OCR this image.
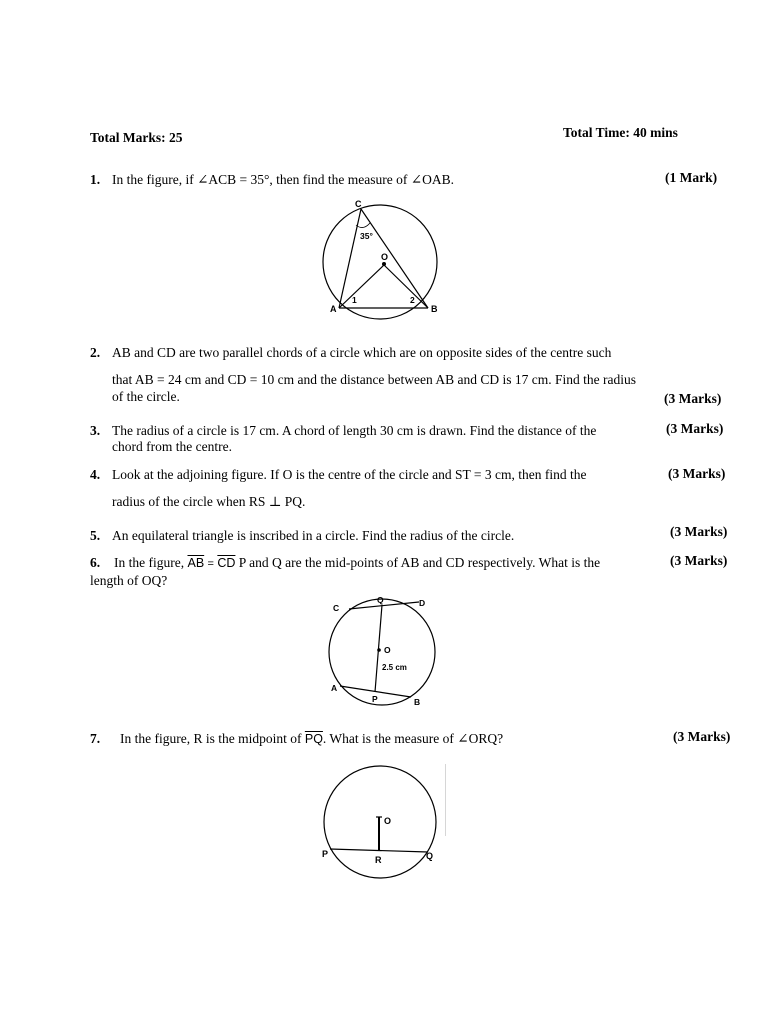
Total Marks: 25	Total Time: 40 mins
1. In the figure, if ∠ACB = 35°, then find the measure of ∠OAB.	(1 Mark)
C
35°
O
A	B
1	2
2. AB and CD are two parallel chords of a circle which are on opposite sides of the centre such
that AB = 24 cm and CD = 10 cm and the distance between AB and CD is 17 cm. Find the radius
of the circle.	(3 Marks)
3. The radius of a circle is 17 cm. A chord of length 30 cm is drawn. Find the distance of the
chord from the centre.
(3 Marks)
4. Look at the adjoining figure. If O is the centre of the circle and ST = 3 cm, then find the
radius of the circle when RS ⊥ PQ.
(3 Marks)
5. An equilateral triangle is inscribed in a circle. Find the radius of the circle.	(3 Marks)
6. In the figure, $\overline{AB} = \overline{CD}$ P and Q are the mid-points of AB and CD respectively. What is the
length of OQ?
(3 Marks)
C
Q	D
O
2.5 cm
A
P	B
7. In the figure, R is the midpoint of $\overline{PQ}$. What is the measure of ∠ORQ?	(3 Marks)
O
P
R	Q
